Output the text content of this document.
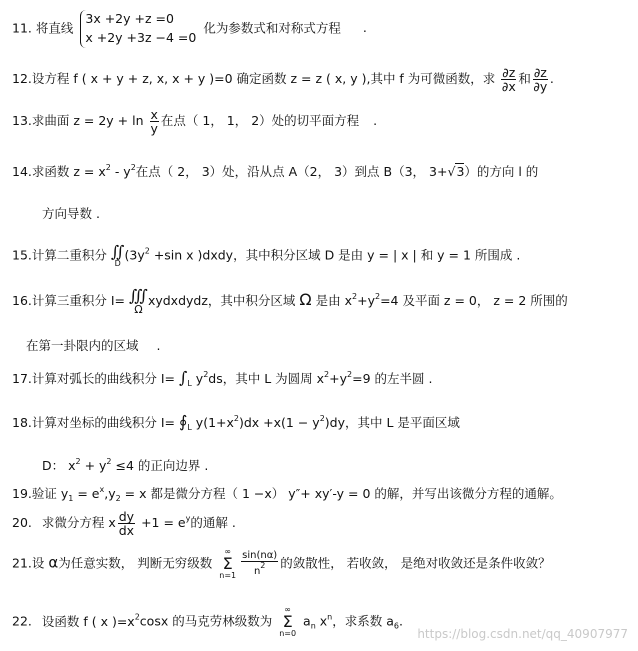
11. 将直线 3x +2y +z =0
x +2y +3z −4 =0 化为参数式和对称式方程 .
12.设方程 f ( x + y + z, x, x + y )=0 确定函数 z = z ( x, y ),其中 f 为可微函数，求 $\frac{\partial z}{\partial x}$ 和 $\frac{\partial z}{\partial y}$ .
13.求曲面 $z = 2y + \ln \frac{x}{y}$ 在点（ 1， 1， 2）处的切平面方程 .
14.求函数 $z = x^2 - y^2$在点（ 2， 3）处，沿从点 A（2， 3）到点 B（3， 3+√3）的方向 l 的
方向导数 .
15.计算二重积分 ∬
D
($3y^2 +\sin$ x )dxdy，其中积分区域 D 是由 y = | x | 和 y = 1 所围成 .
16.计算三重积分 I= ∭
Ω
xydxdydz，其中积分区域 Ω 是由 $x^2+y^2=4$ 及平面 z = 0， z = 2 所围的
在第一卦限内的区域 .
17.计算对弧长的曲线积分 $I= \int_L$ $y^2ds$，其中 L 为圆周 $x^2+y^2=9$ 的左半圆 .
18.计算对坐标的曲线积分 $I= ∮_L$ $y(1+x^2)dx +x(1 - y^2)dy$，其中 L 是平面区域
D： $x^2 + y^2 \le 4$ 的正向边界 .
19.验证 $y_1 = e^x,y_2 = x$ 都是微分方程（ 1 −x） y″+ xy′-y = 0 的解，并写出该微分方程的通解。
20. 求微分方程 x $\frac{dy}{dx} +1 = e^y$的通解 .
21.设 α为任意实数， 判断无穷级数
∞
Σ
$n=1 \frac{\sin(n\alpha)}{n^2}$ 的敛散性， 若收敛， 是绝对收敛还是条件收敛？
22. 设函数 f ( x )$=x^2\cos x$ 的马克劳林级数为
∞
Σ
n=0
$a_n$ $x^n$，求系数 $a_6$.
https://blog.csdn.net/qq_40907977
